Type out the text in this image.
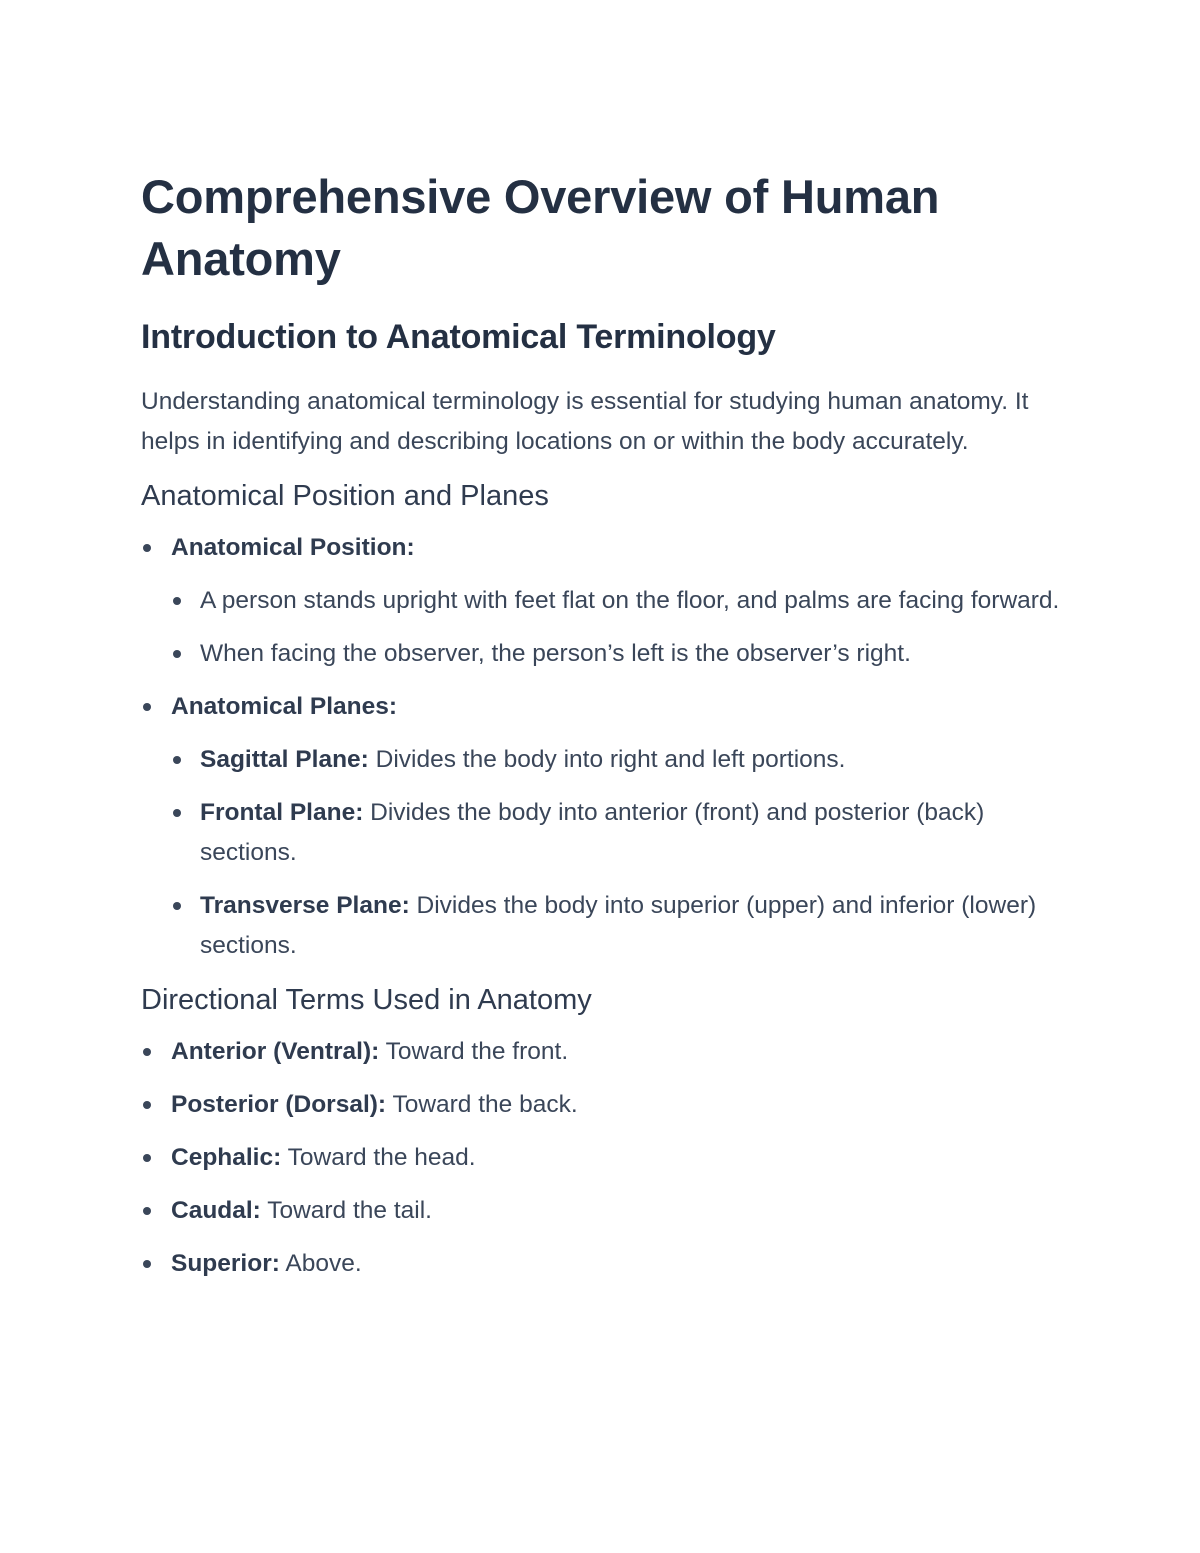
Comprehensive Overview of Human Anatomy
Introduction to Anatomical Terminology

Understanding anatomical terminology is essential for studying human anatomy. It helps in identifying and describing locations on or within the body accurately.

Anatomical Position and Planes
Anatomical Position:
A person stands upright with feet flat on the floor, and palms are facing forward.
When facing the observer, the person’s left is the observer’s right.
Anatomical Planes:
Sagittal Plane: Divides the body into right and left portions.
Frontal Plane: Divides the body into anterior (front) and posterior (back) sections.
Transverse Plane: Divides the body into superior (upper) and inferior (lower) sections.
Directional Terms Used in Anatomy
Anterior (Ventral): Toward the front.
Posterior (Dorsal): Toward the back.
Cephalic: Toward the head.
Caudal: Toward the tail.
Superior: Above.
